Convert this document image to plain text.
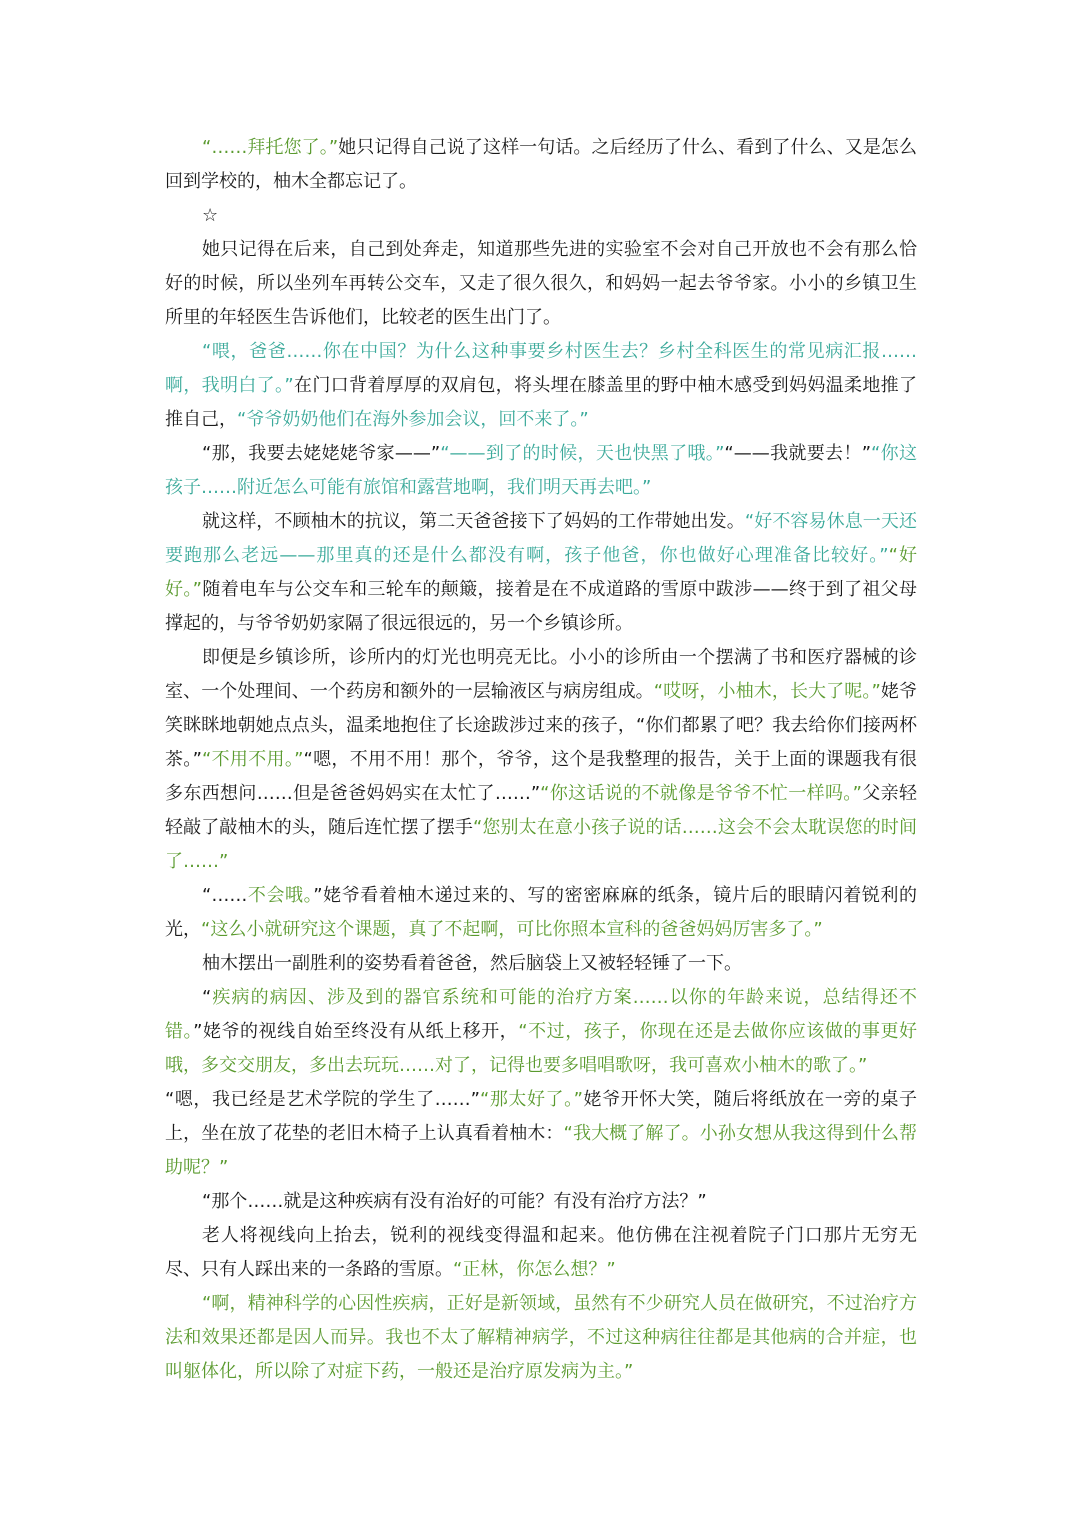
“……拜托您了。”她只记得自己说了这样一句话。之后经历了什么、看到了什么、又是怎么回到学校的，柚木全都忘记了。

☆

她只记得在后来，自己到处奔走，知道那些先进的实验室不会对自己开放也不会有那么恰好的时候，所以坐列车再转公交车，又走了很久很久，和妈妈一起去爷爷家。小小的乡镇卫生所里的年轻医生告诉他们，比较老的医生出门了。

“喂，爸爸……你在中国？为什么这种事要乡村医生去？乡村全科医生的常见病汇报……啊，我明白了。”在门口背着厚厚的双肩包，将头埋在膝盖里的野中柚木感受到妈妈温柔地推了推自己，“爷爷奶奶他们在海外参加会议，回不来了。”

“那，我要去姥姥姥爷家——”“——到了的时候，天也快黑了哦。”“——我就要去！”“你这孩子……附近怎么可能有旅馆和露营地啊，我们明天再去吧。”

就这样，不顾柚木的抗议，第二天爸爸接下了妈妈的工作带她出发。“好不容易休息一天还要跑那么老远——那里真的还是什么都没有啊，孩子他爸，你也做好心理准备比较好。”“好好。”随着电车与公交车和三轮车的颠簸，接着是在不成道路的雪原中跋涉——终于到了祖父母撑起的，与爷爷奶奶家隔了很远很远的，另一个乡镇诊所。

即便是乡镇诊所，诊所内的灯光也明亮无比。小小的诊所由一个摆满了书和医疗器械的诊室、一个处理间、一个药房和额外的一层输液区与病房组成。“哎呀，小柚木，长大了呢。”姥爷笑眯眯地朝她点点头，温柔地抱住了长途跋涉过来的孩子，“你们都累了吧？我去给你们接两杯茶。”“不用不用。”“嗯，不用不用！那个，爷爷，这个是我整理的报告，关于上面的课题我有很多东西想问……但是爸爸妈妈实在太忙了……”“你这话说的不就像是爷爷不忙一样吗。”父亲轻轻敲了敲柚木的头，随后连忙摆了摆手“您别太在意小孩子说的话……这会不会太耽误您的时间了……”

“……不会哦。”姥爷看着柚木递过来的、写的密密麻麻的纸条，镜片后的眼睛闪着锐利的光，“这么小就研究这个课题，真了不起啊，可比你照本宣科的爸爸妈妈厉害多了。”

柚木摆出一副胜利的姿势看着爸爸，然后脑袋上又被轻轻锤了一下。

“疾病的病因、涉及到的器官系统和可能的治疗方案……以你的年龄来说，总结得还不错。”姥爷的视线自始至终没有从纸上移开，“不过，孩子，你现在还是去做你应该做的事更好哦，多交交朋友，多出去玩玩……对了，记得也要多唱唱歌呀，我可喜欢小柚木的歌了。”

“嗯，我已经是艺术学院的学生了……”“那太好了。”姥爷开怀大笑，随后将纸放在一旁的桌子上，坐在放了花垫的老旧木椅子上认真看着柚木：“我大概了解了。小孙女想从我这得到什么帮助呢？”

“那个……就是这种疾病有没有治好的可能？有没有治疗方法？”

老人将视线向上抬去，锐利的视线变得温和起来。他仿佛在注视着院子门口那片无穷无尽、只有人踩出来的一条路的雪原。“正林，你怎么想？”

“啊，精神科学的心因性疾病，正好是新领域，虽然有不少研究人员在做研究，不过治疗方法和效果还都是因人而异。我也不太了解精神病学，不过这种病往往都是其他病的合并症，也叫躯体化，所以除了对症下药，一般还是治疗原发病为主。”
